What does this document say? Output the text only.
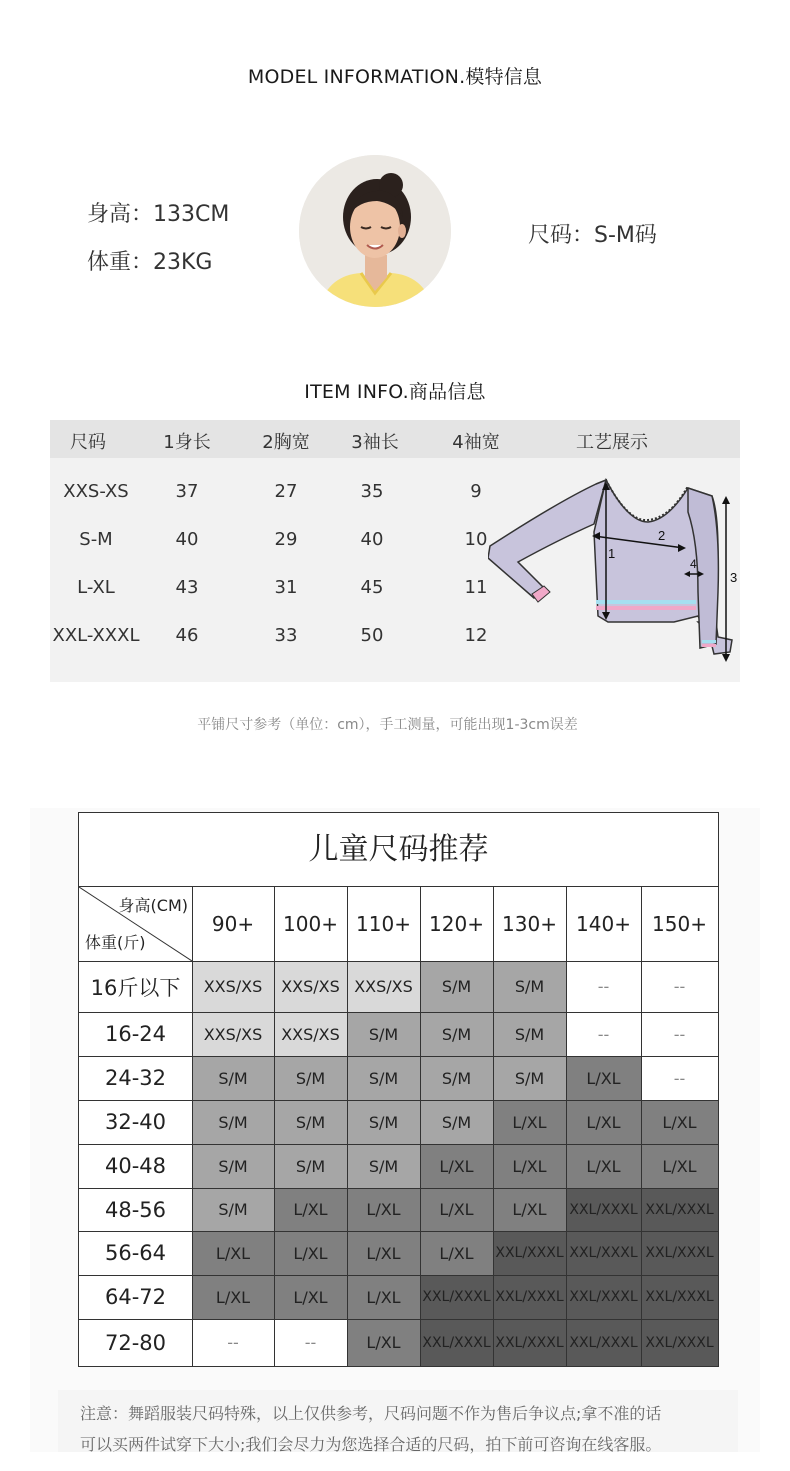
MODEL INFORMATION.模特信息
身高：133CM
体重：23KG
尺码：S-M码
ITEM INFO.商品信息
尺码	1身长	2胸宽	3袖长	4袖宽	工艺展示
XXS-XS	37	27	35	9
S-M	40	29	40	10
L-XL	43	31	45	11
XXL-XXXL	46	33	50	12
1
2
3
4
平铺尺寸参考（单位：cm），手工测量，可能出现1-3cm误差
儿童尺码推荐
身高(CM)
体重(斤)
90+	100+ 110+ 120+ 130+ 140+	150+
16斤以下	XXS/XS	XXS/XS XXS/XS	S/M	S/M	--	--
16-24	XXS/XS	XXS/XS	S/M	S/M	S/M	--	--
24-32	S/M	S/M	S/M	S/M	S/M	L/XL	--
32-40	S/M	S/M	S/M	S/M	L/XL	L/XL	L/XL
40-48	S/M	S/M	S/M	L/XL	L/XL	L/XL	L/XL
48-56	S/M	L/XL	L/XL	L/XL	L/XL	XXL/XXXL XXL/XXXL
56-64	L/XL	L/XL	L/XL	L/XL	XXL/XXXL XXL/XXXL XXL/XXXL
64-72	L/XL	L/XL	L/XL	XXL/XXXL XXL/XXXL XXL/XXXL XXL/XXXL
72-80	--	--	L/XL	XXL/XXXL XXL/XXXL XXL/XXXL XXL/XXXL
注意：舞蹈服装尺码特殊，以上仅供参考，尺码问题不作为售后争议点;拿不准的话
可以买两件试穿下大小;我们会尽力为您选择合适的尺码，拍下前可咨询在线客服。
